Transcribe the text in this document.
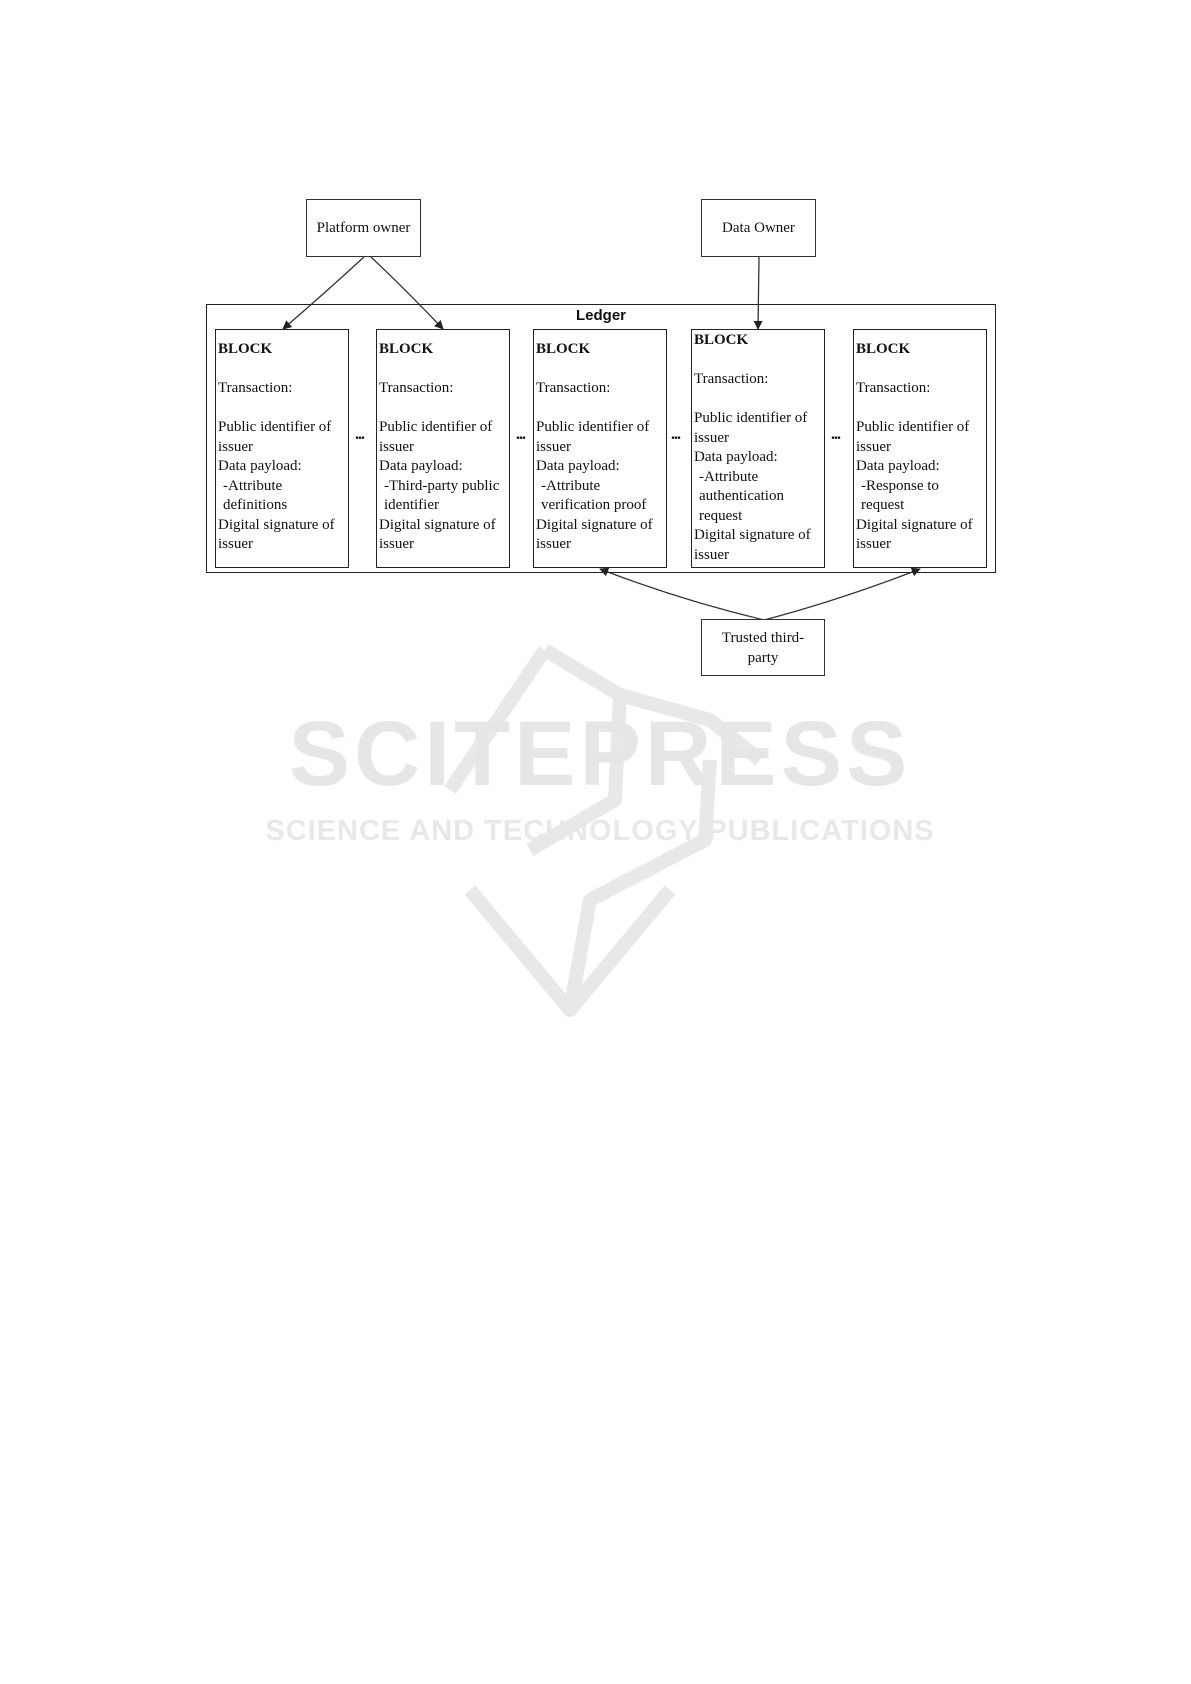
SCITEPRESS
SCIENCE AND TECHNOLOGY PUBLICATIONS
Platform owner	Data Owner
Trusted third-party
Ledger
BLOCK
Transaction:
Public identifier of issuer
Data payload:
-Attribute definitions
Digital signature of issuer
...
BLOCK
Transaction:
Public identifier of issuer
Data payload:
-Third-party public identifier
Digital signature of issuer
...
BLOCK
Transaction:
Public identifier of issuer
Data payload:
-Attribute verification proof
Digital signature of issuer
...
BLOCK
Transaction:
Public identifier of issuer
Data payload:
-Attribute authentication request
Digital signature of issuer
...
BLOCK
Transaction:
Public identifier of issuer
Data payload:
-Response to request
Digital signature of issuer
